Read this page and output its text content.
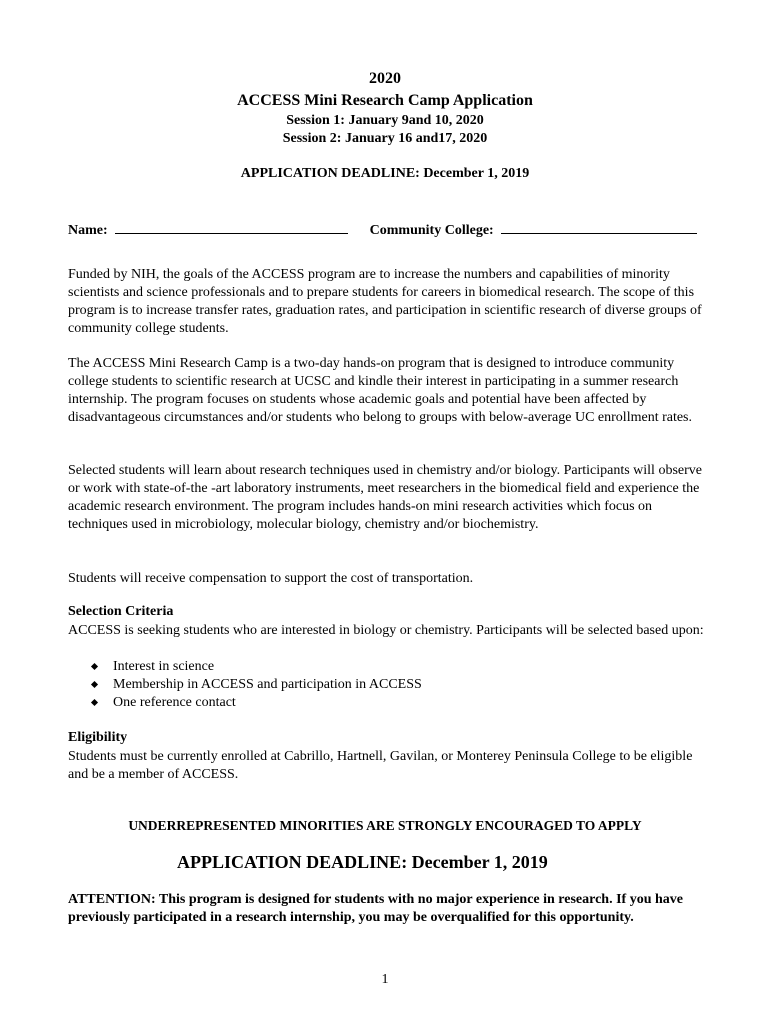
2020
ACCESS Mini Research Camp Application
Session 1: January 9and 10, 2020
Session 2: January 16 and17, 2020
APPLICATION DEADLINE: December 1, 2019
Name:	Community College:
Funded by NIH, the goals of the ACCESS program are to increase the numbers and capabilities of minority scientists and science professionals and to prepare students for careers in biomedical research. The scope of this program is to increase transfer rates, graduation rates, and participation in scientific research of diverse groups of community college students.
The ACCESS Mini Research Camp is a two-day hands-on program that is designed to introduce community college students to scientific research at UCSC and kindle their interest in participating in a summer research internship. The program focuses on students whose academic goals and potential have been affected by disadvantageous circumstances and/or students who belong to groups with below-average UC enrollment rates.
Selected students will learn about research techniques used in chemistry and/or biology. Participants will observe or work with state-of-the -art laboratory instruments, meet researchers in the biomedical field and experience the academic research environment. The program includes hands-on mini research activities which focus on techniques used in microbiology, molecular biology, chemistry and/or biochemistry.
Students will receive compensation to support the cost of transportation.
Selection Criteria
ACCESS is seeking students who are interested in biology or chemistry. Participants will be selected based upon:
Interest in science
Membership in ACCESS and participation in ACCESS
One reference contact
Eligibility
Students must be currently enrolled at Cabrillo, Hartnell, Gavilan, or Monterey Peninsula College to be eligible and be a member of ACCESS.
UNDERREPRESENTED MINORITIES ARE STRONGLY ENCOURAGED TO APPLY
APPLICATION DEADLINE: December 1, 2019
ATTENTION: This program is designed for students with no major experience in research. If you have previously participated in a research internship, you may be overqualified for this opportunity.
1
